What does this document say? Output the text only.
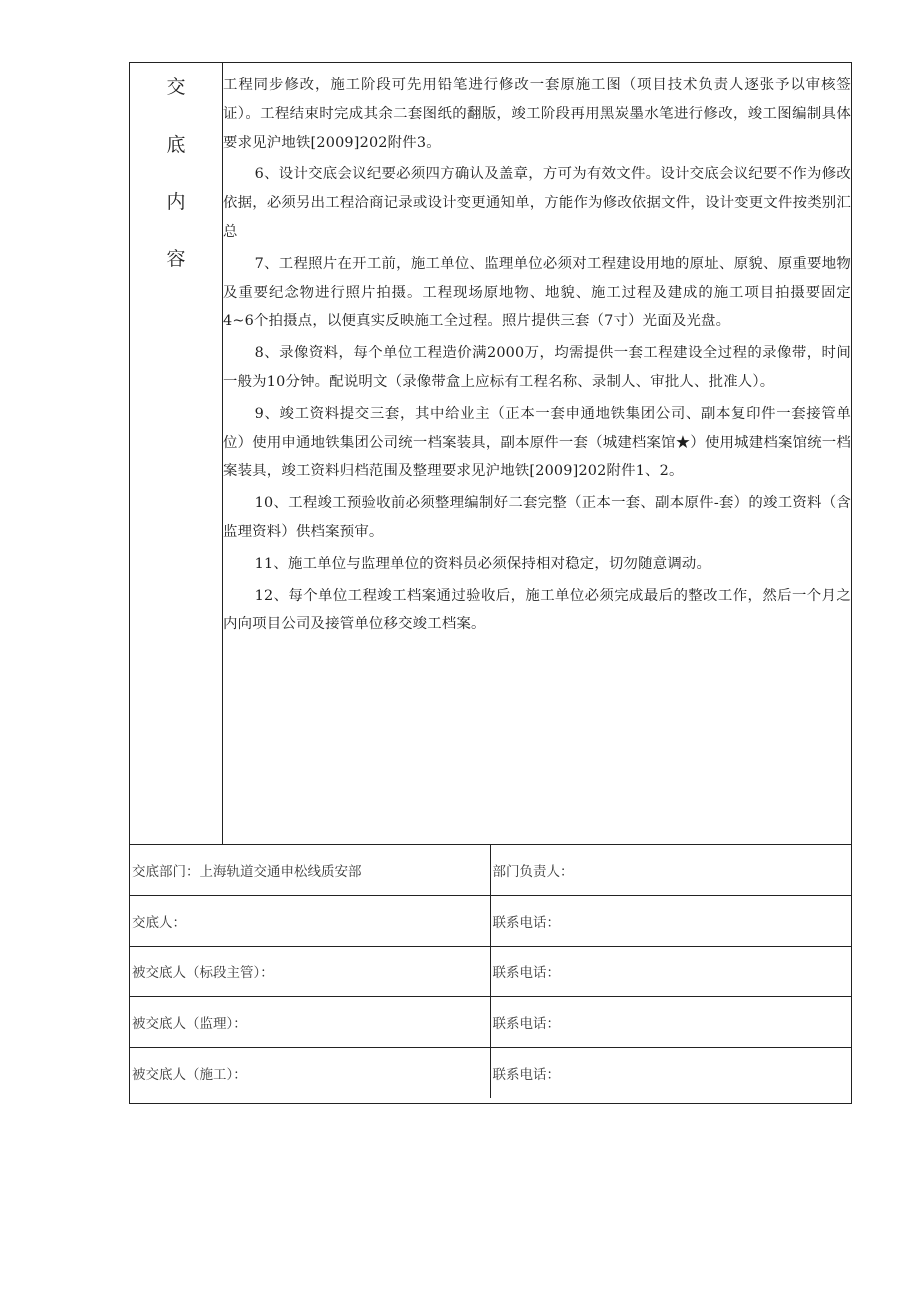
交
底
内
容

工程同步修改，施工阶段可先用铅笔进行修改一套原施工图（项目技术负责人逐张予以审核签证）。工程结束时完成其余二套图纸的翻版，竣工阶段再用黑炭墨水笔进行修改，竣工图编制具体要求见沪地铁[2009]202附件3。

6、设计交底会议纪要必须四方确认及盖章，方可为有效文件。设计交底会议纪要不作为修改依据，必须另出工程洽商记录或设计变更通知单，方能作为修改依据文件，设计变更文件按类别汇总

7、工程照片在开工前，施工单位、监理单位必须对工程建设用地的原址、原貌、原重要地物及重要纪念物进行照片拍摄。工程现场原地物、地貌、施工过程及建成的施工项目拍摄要固定4~6个拍摄点，以便真实反映施工全过程。照片提供三套（7寸）光面及光盘。

8、录像资料，每个单位工程造价满2000万，均需提供一套工程建设全过程的录像带，时间一般为10分钟。配说明文（录像带盒上应标有工程名称、录制人、审批人、批准人）。

9、竣工资料提交三套，其中给业主（正本一套申通地铁集团公司、副本复印件一套接管单位）使用申通地铁集团公司统一档案装具，副本原件一套（城建档案馆★）使用城建档案馆统一档案装具，竣工资料归档范围及整理要求见沪地铁[2009]202附件1、2。

10、工程竣工预验收前必须整理编制好二套完整（正本一套、副本原件-套）的竣工资料（含监理资料）供档案预审。

11、施工单位与监理单位的资料员必须保持相对稳定，切勿随意调动。

12、每个单位工程竣工档案通过验收后，施工单位必须完成最后的整改工作，然后一个月之内向项目公司及接管单位移交竣工档案。

交底部门：上海轨道交通申松线质安部	部门负责人：
交底人：	联系电话：
被交底人（标段主管）：	联系电话：
被交底人（监理）：	联系电话：
被交底人（施工）：	联系电话：
